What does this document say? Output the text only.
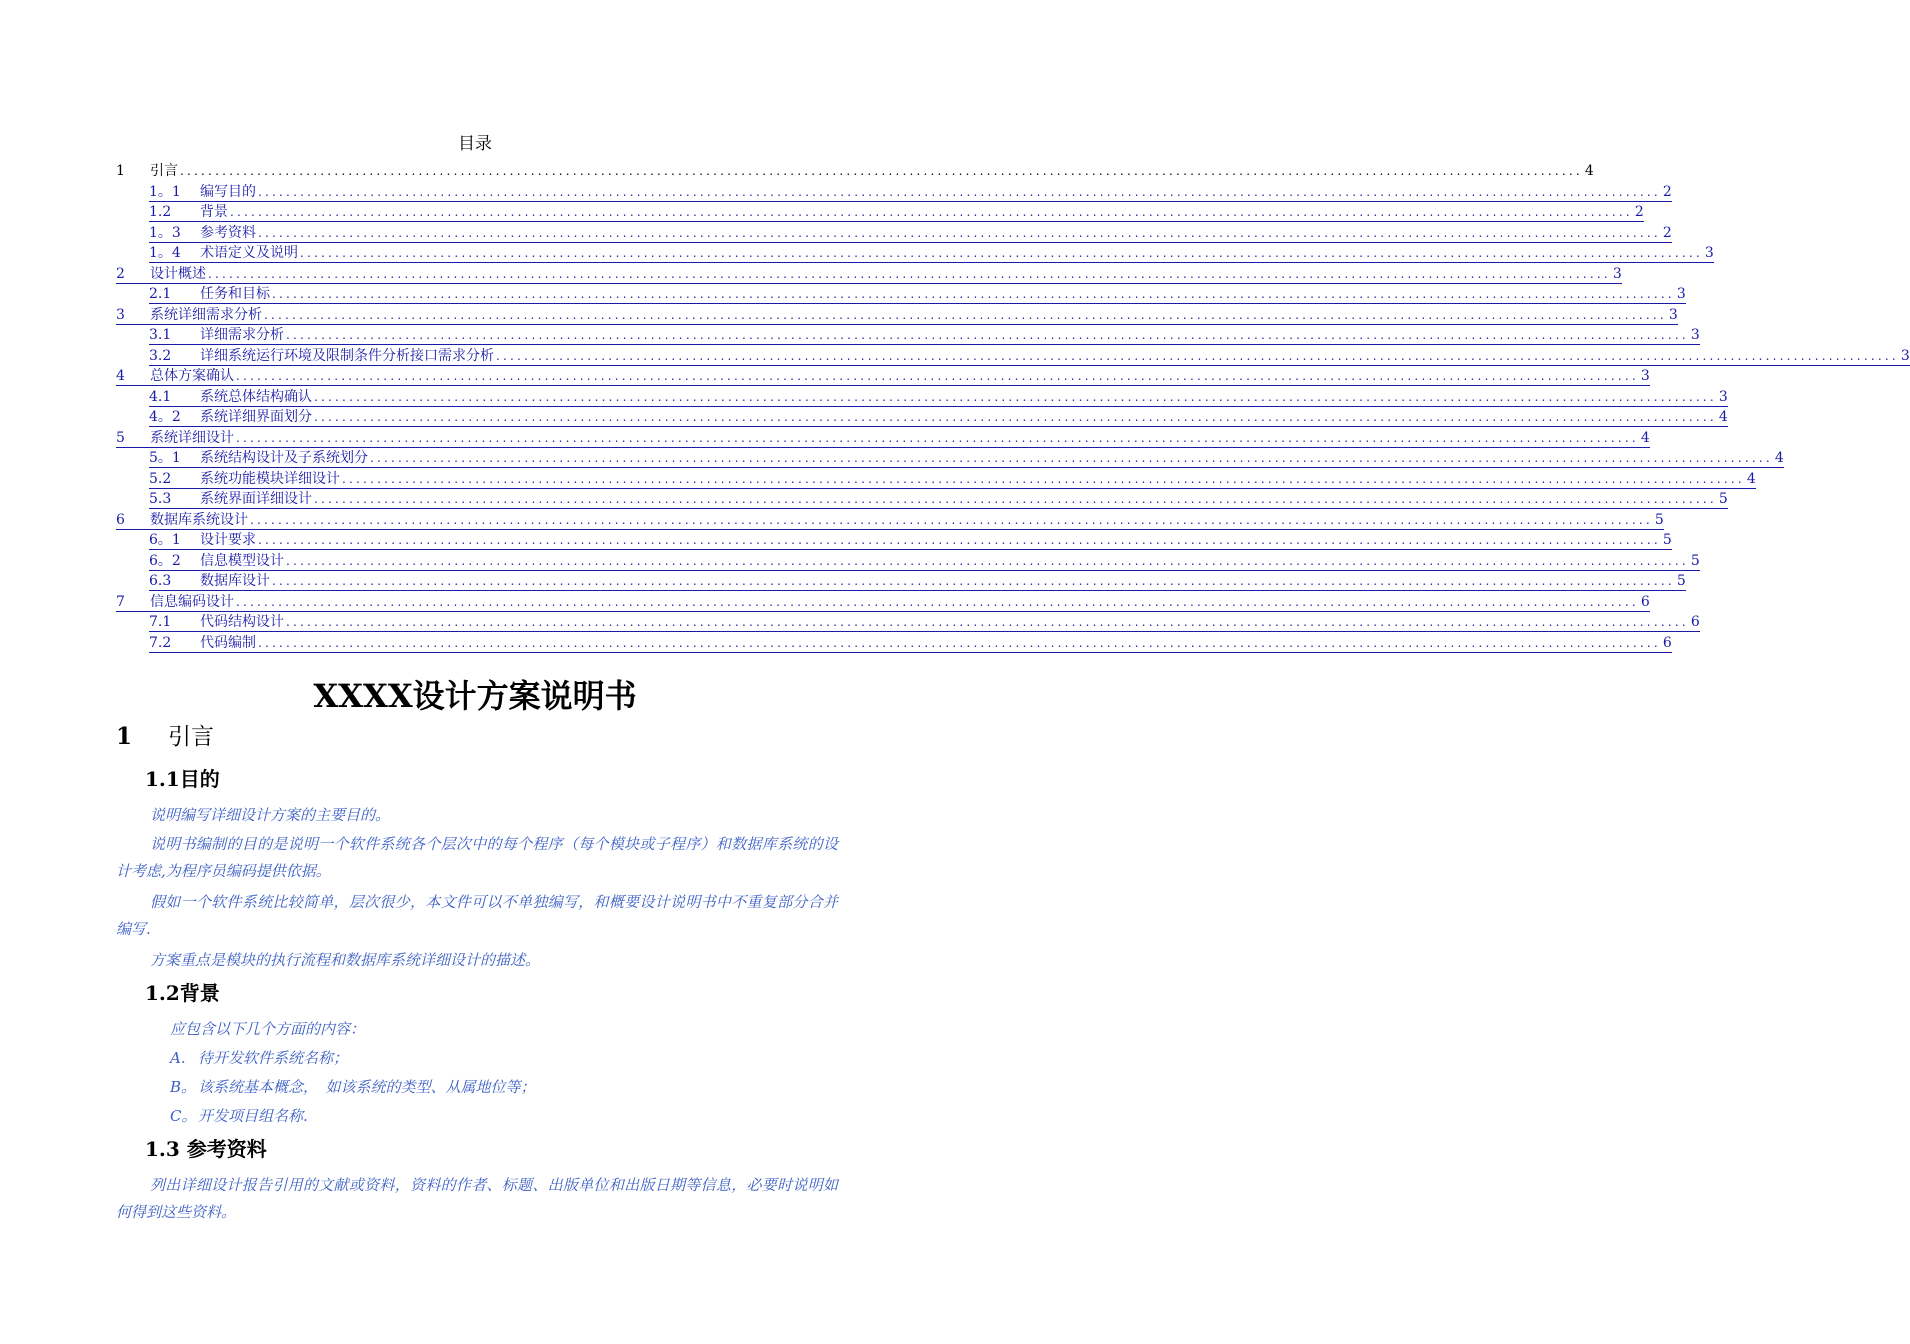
目录
1	引言 ........................................................................................................................................................................................................ 4
1。1	编写目的 ........................................................................................................................................................................................................ 2
1.2	背景 ........................................................................................................................................................................................................ 2
1。3	参考资料 ........................................................................................................................................................................................................ 2
1。4	术语定义及说明 ........................................................................................................................................................................................................ 3
2	设计概述 ........................................................................................................................................................................................................ 3
2.1	任务和目标 ........................................................................................................................................................................................................ 3
3	系统详细需求分析 ........................................................................................................................................................................................................ 3
3.1	详细需求分析 ........................................................................................................................................................................................................ 3
3.2	详细系统运行环境及限制条件分析接口需求分析 ........................................................................................................................................................................................................ 3
4	总体方案确认 ........................................................................................................................................................................................................ 3
4.1	系统总体结构确认 ........................................................................................................................................................................................................ 3
4。2	系统详细界面划分 ........................................................................................................................................................................................................ 4
5	系统详细设计 ........................................................................................................................................................................................................ 4
5。1	系统结构设计及子系统划分 ........................................................................................................................................................................................................ 4
5.2	系统功能模块详细设计 ........................................................................................................................................................................................................ 4
5.3	系统界面详细设计 ........................................................................................................................................................................................................ 5
6	数据库系统设计 ........................................................................................................................................................................................................ 5
6。1	设计要求 ........................................................................................................................................................................................................ 5
6。2	信息模型设计 ........................................................................................................................................................................................................ 5
6.3	数据库设计 ........................................................................................................................................................................................................ 5
7	信息编码设计 ........................................................................................................................................................................................................ 6
7.1	代码结构设计 ........................................................................................................................................................................................................ 6
7.2	代码编制 ........................................................................................................................................................................................................ 6
XXXX设计方案说明书
1 引言
1.1目的
说明编写详细设计方案的主要目的。
说明书编制的目的是说明一个软件系统各个层次中的每个程序（每个模块或子程序）和数据库系统的设计考虑,为程序员编码提供依据。
假如一个软件系统比较简单，层次很少，本文件可以不单独编写，和概要设计说明书中不重复部分合并编写.
方案重点是模块的执行流程和数据库系统详细设计的描述。
1.2背景
应包含以下几个方面的内容：
A. 待开发软件系统名称；
B。 该系统基本概念，　如该系统的类型、从属地位等；
C。 开发项目组名称.
1.3 参考资料
列出详细设计报告引用的文献或资料，资料的作者、标题、出版单位和出版日期等信息，必要时说明如何得到这些资料。
